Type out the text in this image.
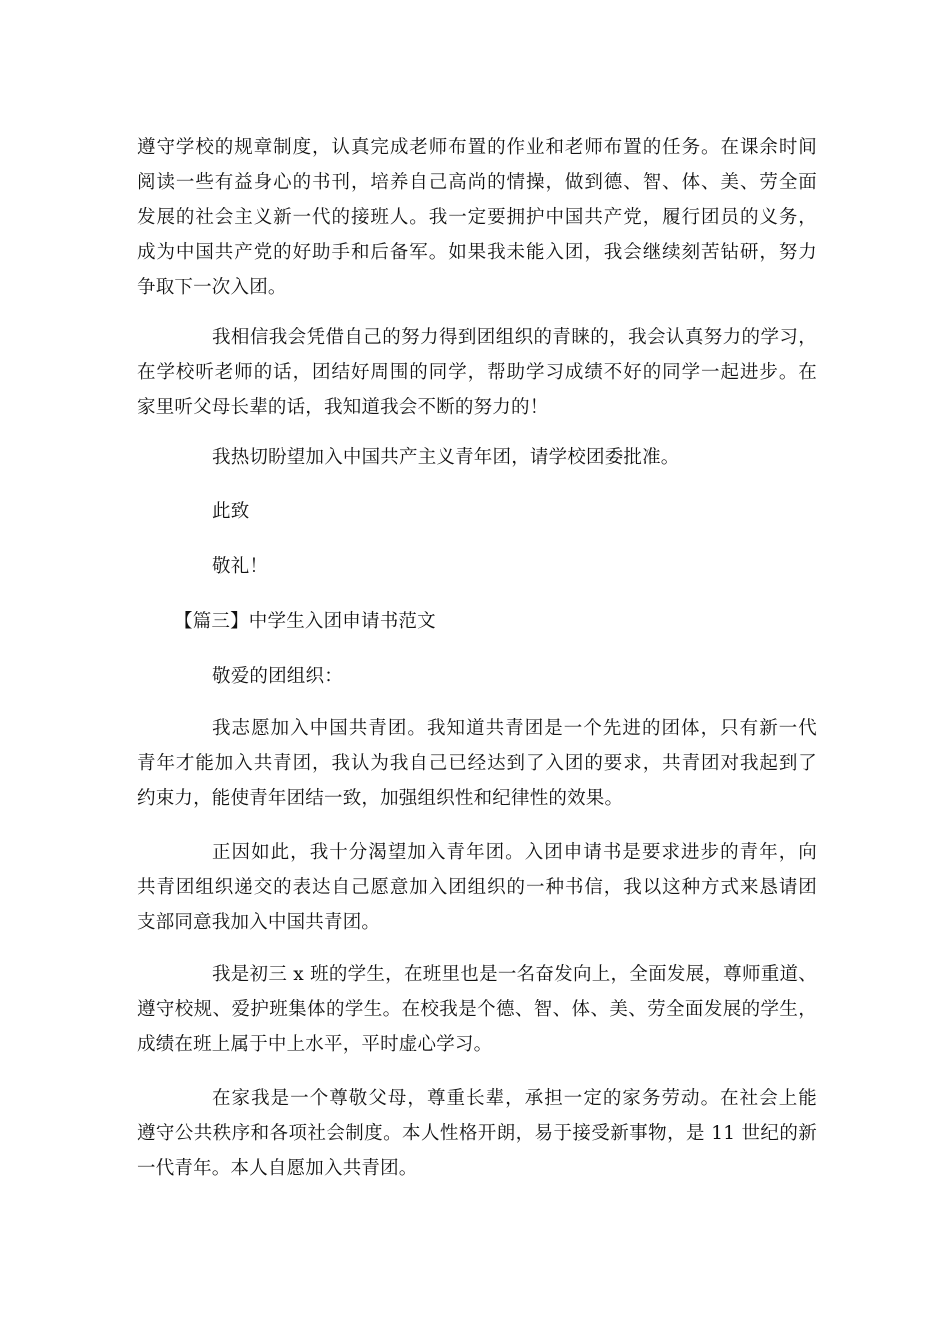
遵守学校的规章制度，认真完成老师布置的作业和老师布置的任务。在课余时间
阅读一些有益身心的书刊，培养自己高尚的情操，做到德、智、体、美、劳全面
发展的社会主义新一代的接班人。我一定要拥护中国共产党，履行团员的义务，
成为中国共产党的好助手和后备军。如果我未能入团，我会继续刻苦钻研，努力
争取下一次入团。
我相信我会凭借自己的努力得到团组织的青睐的，我会认真努力的学习，
在学校听老师的话，团结好周围的同学，帮助学习成绩不好的同学一起进步。在
家里听父母长辈的话，我知道我会不断的努力的！
我热切盼望加入中国共产主义青年团，请学校团委批准。
此致
敬礼！
【篇三】中学生入团申请书范文
敬爱的团组织：
我志愿加入中国共青团。我知道共青团是一个先进的团体，只有新一代
青年才能加入共青团，我认为我自己已经达到了入团的要求，共青团对我起到了
约束力，能使青年团结一致，加强组织性和纪律性的效果。
正因如此，我十分渴望加入青年团。入团申请书是要求进步的青年，向
共青团组织递交的表达自己愿意加入团组织的一种书信，我以这种方式来恳请团
支部同意我加入中国共青团。
我是初三 x 班的学生，在班里也是一名奋发向上，全面发展，尊师重道、
遵守校规、爱护班集体的学生。在校我是个德、智、体、美、劳全面发展的学生，
成绩在班上属于中上水平，平时虚心学习。
在家我是一个尊敬父母，尊重长辈，承担一定的家务劳动。在社会上能
遵守公共秩序和各项社会制度。本人性格开朗，易于接受新事物，是 11 世纪的新
一代青年。本人自愿加入共青团。
